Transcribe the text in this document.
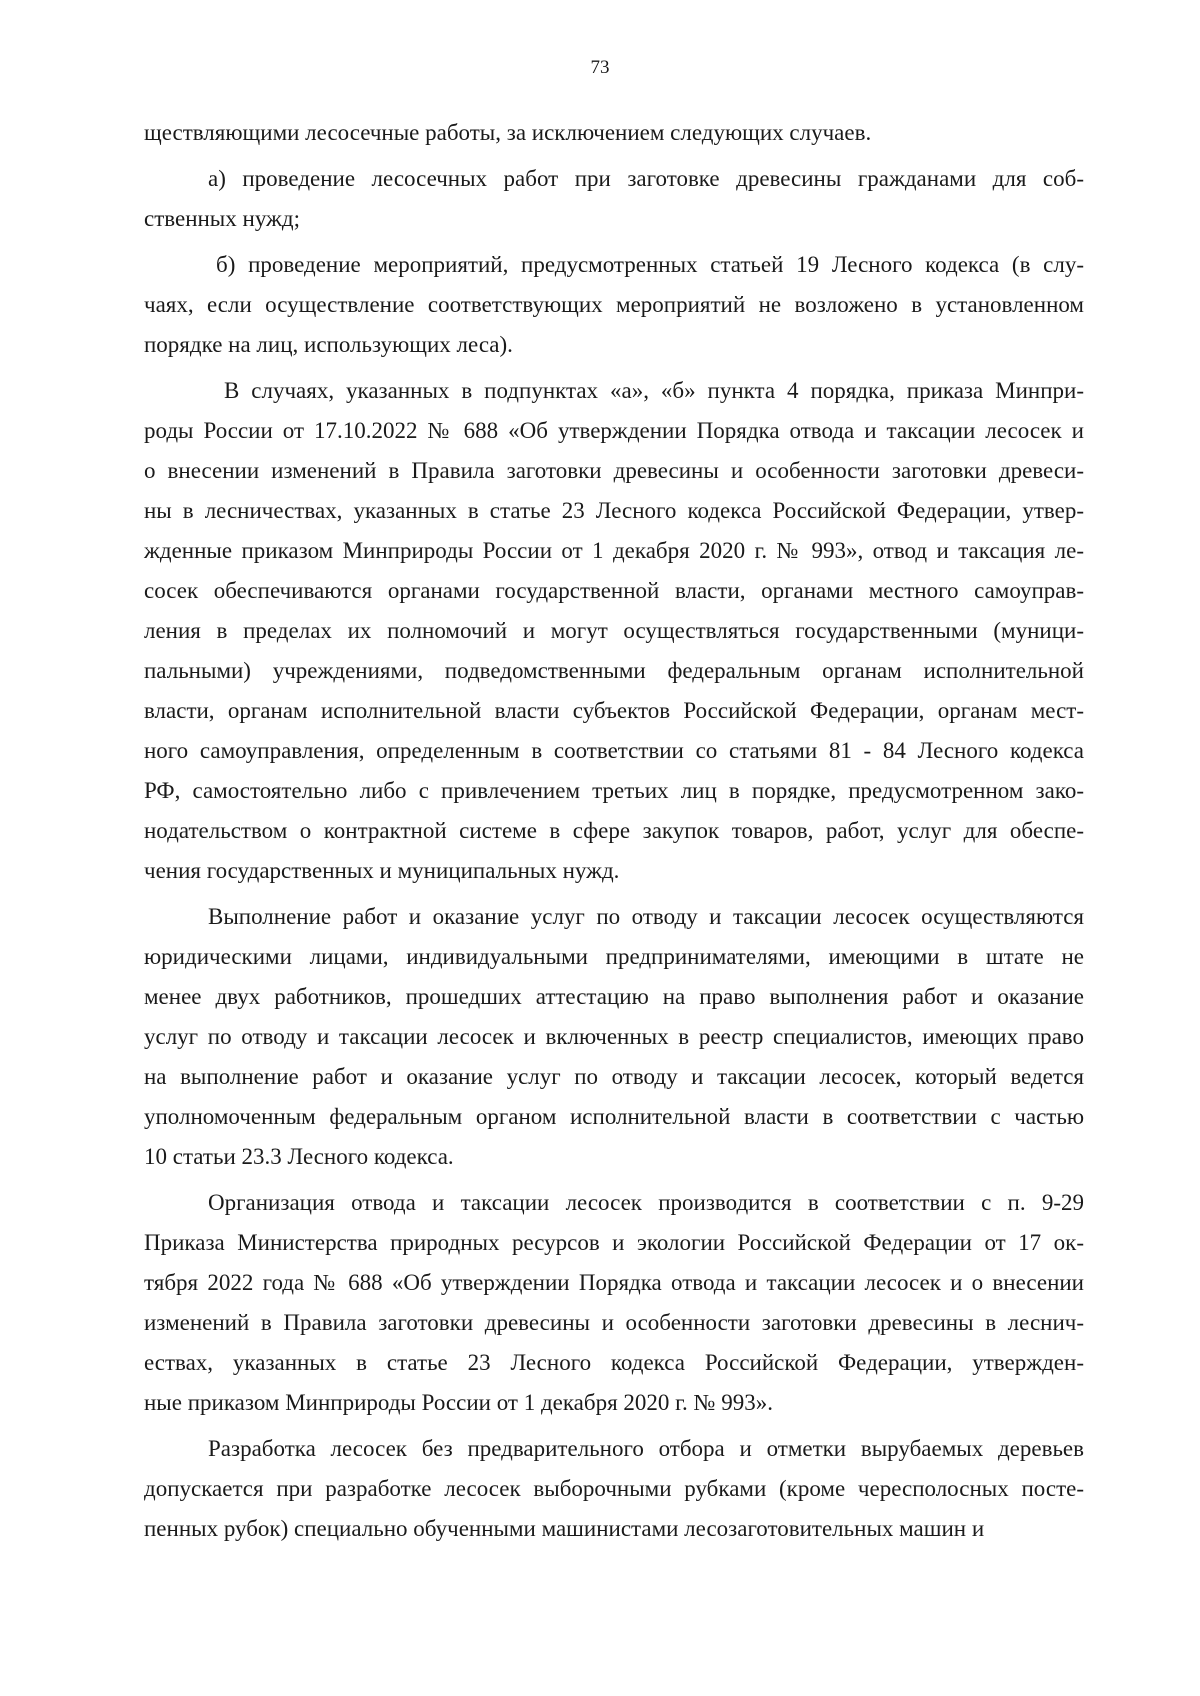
73
ществляющими лесосечные работы, за исключением следующих случаев.
а) проведение лесосечных работ при заготовке древесины гражданами для соб-
ственных нужд;
б) проведение мероприятий, предусмотренных статьей 19 Лесного кодекса (в слу-
чаях, если осуществление соответствующих мероприятий не возложено в установленном
порядке на лиц, использующих леса).
В случаях, указанных в подпунктах «а», «б» пункта 4 порядка, приказа Минпри-
роды России от 17.10.2022 № 688 «Об утверждении Порядка отвода и таксации лесосек и
о внесении изменений в Правила заготовки древесины и особенности заготовки древеси-
ны в лесничествах, указанных в статье 23 Лесного кодекса Российской Федерации, утвер-
жденные приказом Минприроды России от 1 декабря 2020 г. № 993», отвод и таксация ле-
сосек обеспечиваются органами государственной власти, органами местного самоуправ-
ления в пределах их полномочий и могут осуществляться государственными (муници-
пальными) учреждениями, подведомственными федеральным органам исполнительной
власти, органам исполнительной власти субъектов Российской Федерации, органам мест-
ного самоуправления, определенным в соответствии со статьями 81 - 84 Лесного кодекса
РФ, самостоятельно либо с привлечением третьих лиц в порядке, предусмотренном зако-
нодательством о контрактной системе в сфере закупок товаров, работ, услуг для обеспе-
чения государственных и муниципальных нужд.
Выполнение работ и оказание услуг по отводу и таксации лесосек осуществляются
юридическими лицами, индивидуальными предпринимателями, имеющими в штате не
менее двух работников, прошедших аттестацию на право выполнения работ и оказание
услуг по отводу и таксации лесосек и включенных в реестр специалистов, имеющих право
на выполнение работ и оказание услуг по отводу и таксации лесосек, который ведется
уполномоченным федеральным органом исполнительной власти в соответствии с частью
10 статьи 23.3 Лесного кодекса.
Организация отвода и таксации лесосек производится в соответствии с п. 9-29
Приказа Министерства природных ресурсов и экологии Российской Федерации от 17 ок-
тября 2022 года № 688 «Об утверждении Порядка отвода и таксации лесосек и о внесении
изменений в Правила заготовки древесины и особенности заготовки древесины в леснич-
ествах, указанных в статье 23 Лесного кодекса Российской Федерации, утвержден-
ные приказом Минприроды России от 1 декабря 2020 г. № 993».
Разработка лесосек без предварительного отбора и отметки вырубаемых деревьев
допускается при разработке лесосек выборочными рубками (кроме чересполосных посте-
пенных рубок) специально обученными машинистами лесозаготовительных машин и
